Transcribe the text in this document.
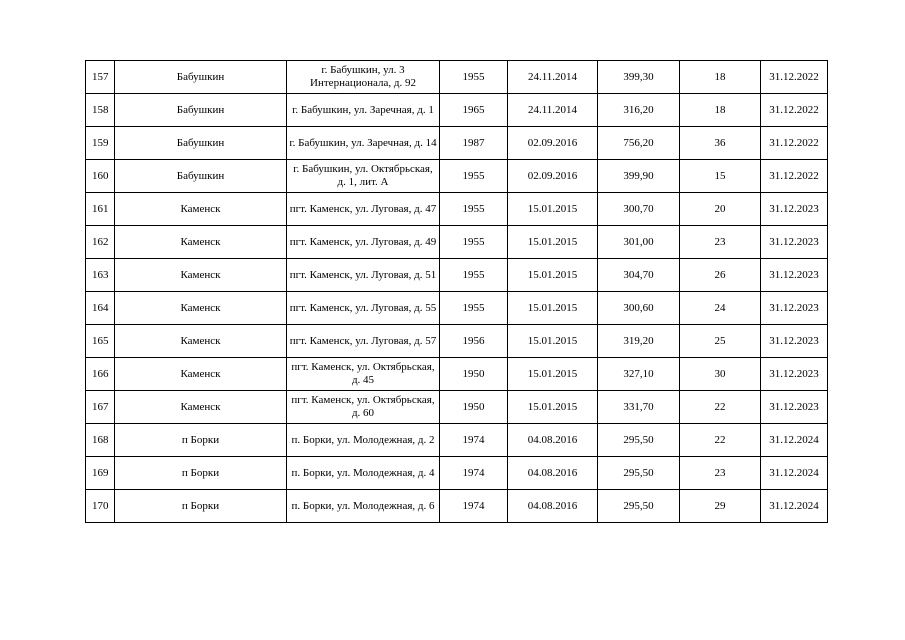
157	Бабушкин	г. Бабушкин, ул. 3 Интернационала, д. 92	1955	24.11.2014	399,30	18	31.12.2022
158	Бабушкин	г. Бабушкин, ул. Заречная, д. 1	1965	24.11.2014	316,20	18	31.12.2022
159	Бабушкин	г. Бабушкин, ул. Заречная, д. 14	1987	02.09.2016	756,20	36	31.12.2022
160	Бабушкин	г. Бабушкин, ул. Октябрьская, д. 1, лит. А	1955	02.09.2016	399,90	15	31.12.2022
161	Каменск	пгт. Каменск, ул. Луговая, д. 47	1955	15.01.2015	300,70	20	31.12.2023
162	Каменск	пгт. Каменск, ул. Луговая, д. 49	1955	15.01.2015	301,00	23	31.12.2023
163	Каменск	пгт. Каменск, ул. Луговая, д. 51	1955	15.01.2015	304,70	26	31.12.2023
164	Каменск	пгт. Каменск, ул. Луговая, д. 55	1955	15.01.2015	300,60	24	31.12.2023
165	Каменск	пгт. Каменск, ул. Луговая, д. 57	1956	15.01.2015	319,20	25	31.12.2023
166	Каменск	пгт. Каменск, ул. Октябрьская, д. 45	1950	15.01.2015	327,10	30	31.12.2023
167	Каменск	пгт. Каменск, ул. Октябрьская, д. 60	1950	15.01.2015	331,70	22	31.12.2023
168	п Борки	п. Борки, ул. Молодежная, д. 2	1974	04.08.2016	295,50	22	31.12.2024
169	п Борки	п. Борки, ул. Молодежная, д. 4	1974	04.08.2016	295,50	23	31.12.2024
170	п Борки	п. Борки, ул. Молодежная, д. 6	1974	04.08.2016	295,50	29	31.12.2024
